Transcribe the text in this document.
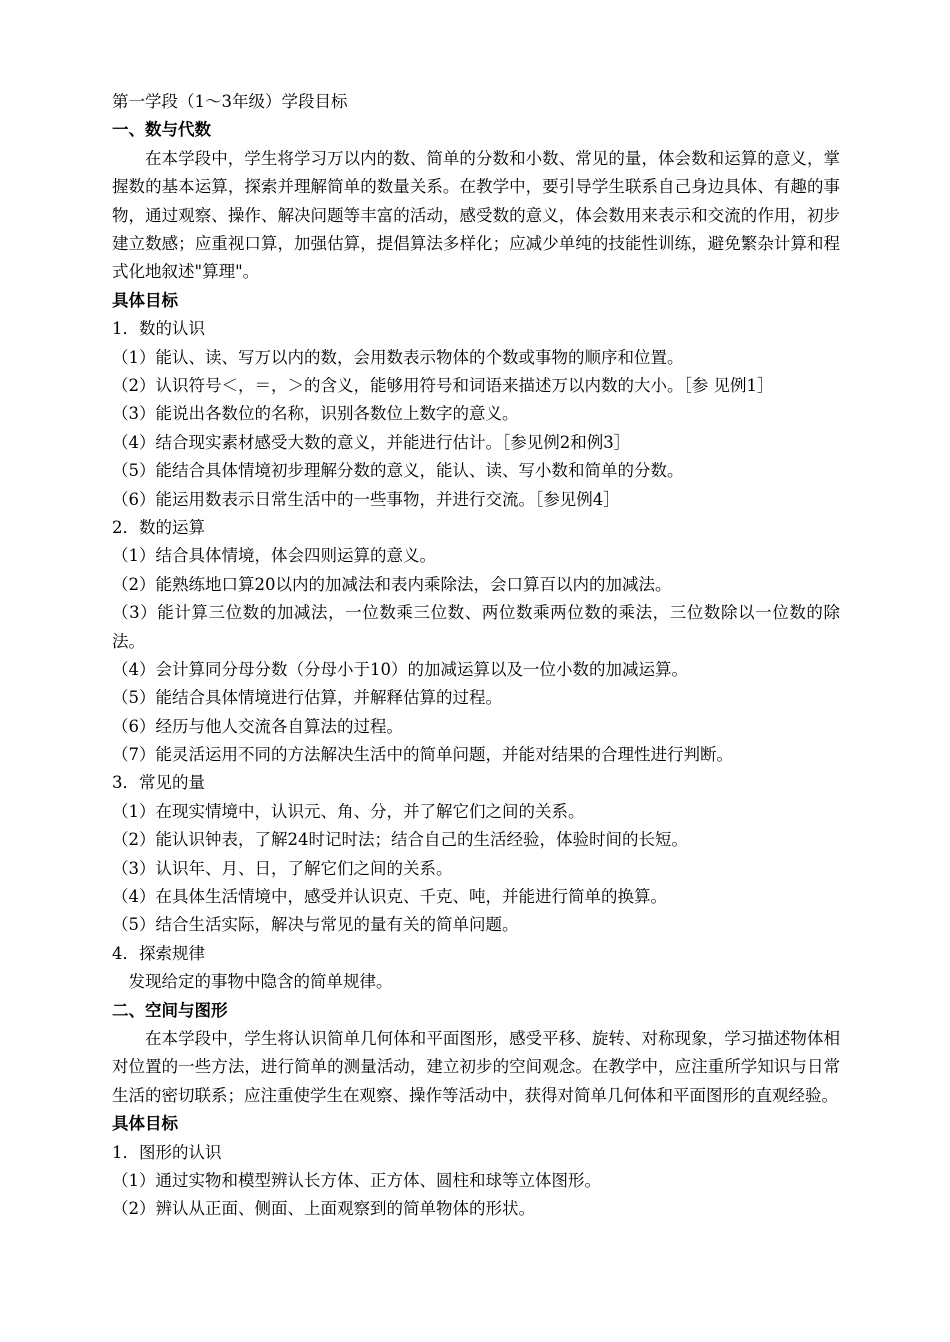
第一学段（1～3年级）学段目标
一、数与代数
在本学段中，学生将学习万以内的数、简单的分数和小数、常见的量，体会数和运算的意义，掌握数的基本运算，探索并理解简单的数量关系。在教学中，要引导学生联系自己身边具体、有趣的事物，通过观察、操作、解决问题等丰富的活动，感受数的意义，体会数用来表示和交流的作用，初步建立数感；应重视口算，加强估算，提倡算法多样化；应减少单纯的技能性训练，避免繁杂计算和程式化地叙述"算理"。
具体目标
1．数的认识
（1）能认、读、写万以内的数，会用数表示物体的个数或事物的顺序和位置。
（2）认识符号＜，＝，＞的含义，能够用符号和词语来描述万以内数的大小。［参 见例1］
（3）能说出各数位的名称，识别各数位上数字的意义。
（4）结合现实素材感受大数的意义，并能进行估计。［参见例2和例3］
（5）能结合具体情境初步理解分数的意义，能认、读、写小数和简单的分数。
（6）能运用数表示日常生活中的一些事物，并进行交流。［参见例4］
2．数的运算
（1）结合具体情境，体会四则运算的意义。
（2）能熟练地口算20以内的加减法和表内乘除法，会口算百以内的加减法。
（3）能计算三位数的加减法，一位数乘三位数、两位数乘两位数的乘法，三位数除以一位数的除法。
（4）会计算同分母分数（分母小于10）的加减运算以及一位小数的加减运算。
（5）能结合具体情境进行估算，并解释估算的过程。
（6）经历与他人交流各自算法的过程。
（7）能灵活运用不同的方法解决生活中的简单问题，并能对结果的合理性进行判断。
3．常见的量
（1）在现实情境中，认识元、角、分，并了解它们之间的关系。
（2）能认识钟表，了解24时记时法；结合自己的生活经验，体验时间的长短。
（3）认识年、月、日，了解它们之间的关系。
（4）在具体生活情境中，感受并认识克、千克、吨，并能进行简单的换算。
（5）结合生活实际，解决与常见的量有关的简单问题。
4．探索规律
发现给定的事物中隐含的简单规律。
二、空间与图形
在本学段中，学生将认识简单几何体和平面图形，感受平移、旋转、对称现象，学习描述物体相对位置的一些方法，进行简单的测量活动，建立初步的空间观念。在教学中，应注重所学知识与日常生活的密切联系；应注重使学生在观察、操作等活动中，获得对简单几何体和平面图形的直观经验。
具体目标
1．图形的认识
（1）通过实物和模型辨认长方体、正方体、圆柱和球等立体图形。
（2）辨认从正面、侧面、上面观察到的简单物体的形状。
